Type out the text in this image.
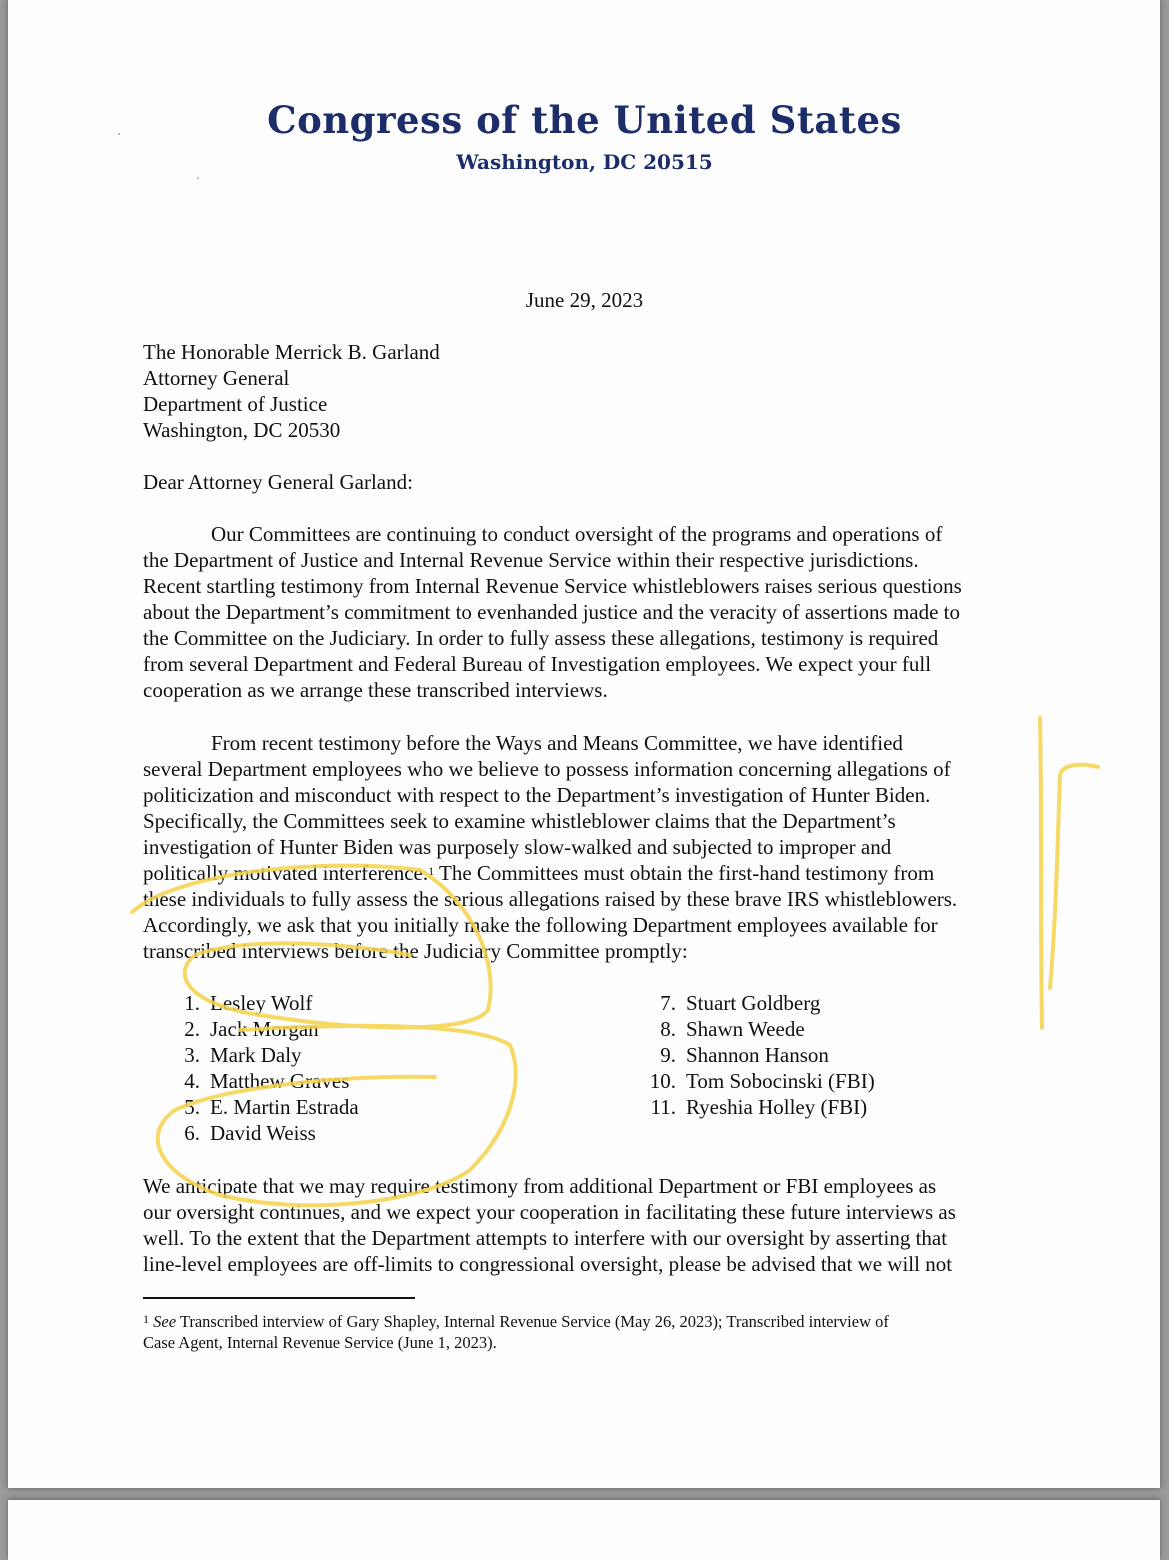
Congress of the United States
Washington, DC 20515
June 29, 2023
The Honorable Merrick B. Garland
Attorney General
Department of Justice
Washington, DC 20530
Dear Attorney General Garland:
Our Committees are continuing to conduct oversight of the programs and operations of
the Department of Justice and Internal Revenue Service within their respective jurisdictions.
Recent startling testimony from Internal Revenue Service whistleblowers raises serious questions
about the Department’s commitment to evenhanded justice and the veracity of assertions made to
the Committee on the Judiciary. In order to fully assess these allegations, testimony is required
from several Department and Federal Bureau of Investigation employees. We expect your full
cooperation as we arrange these transcribed interviews.
From recent testimony before the Ways and Means Committee, we have identified
several Department employees who we believe to possess information concerning allegations of
politicization and misconduct with respect to the Department’s investigation of Hunter Biden.
Specifically, the Committees seek to examine whistleblower claims that the Department’s
investigation of Hunter Biden was purposely slow-walked and subjected to improper and
politically motivated interference.$^1$ The Committees must obtain the first-hand testimony from
these individuals to fully assess the serious allegations raised by these brave IRS whistleblowers.
Accordingly, we ask that you initially make the following Department employees available for
transcribed interviews before the Judiciary Committee promptly:
1. Lesley Wolf
2. Jack Morgan
3. Mark Daly
4. Matthew Graves
5. E. Martin Estrada
6. David Weiss
7. Stuart Goldberg
8. Shawn Weede
9. Shannon Hanson
10. Tom Sobocinski (FBI)
11. Ryeshia Holley (FBI)
We anticipate that we may require testimony from additional Department or FBI employees as
our oversight continues, and we expect your cooperation in facilitating these future interviews as
well. To the extent that the Department attempts to interfere with our oversight by asserting that
line-level employees are off-limits to congressional oversight, please be advised that we will not
$^1$ See Transcribed interview of Gary Shapley, Internal Revenue Service (May 26, 2023); Transcribed interview of
Case Agent, Internal Revenue Service (June 1, 2023).
